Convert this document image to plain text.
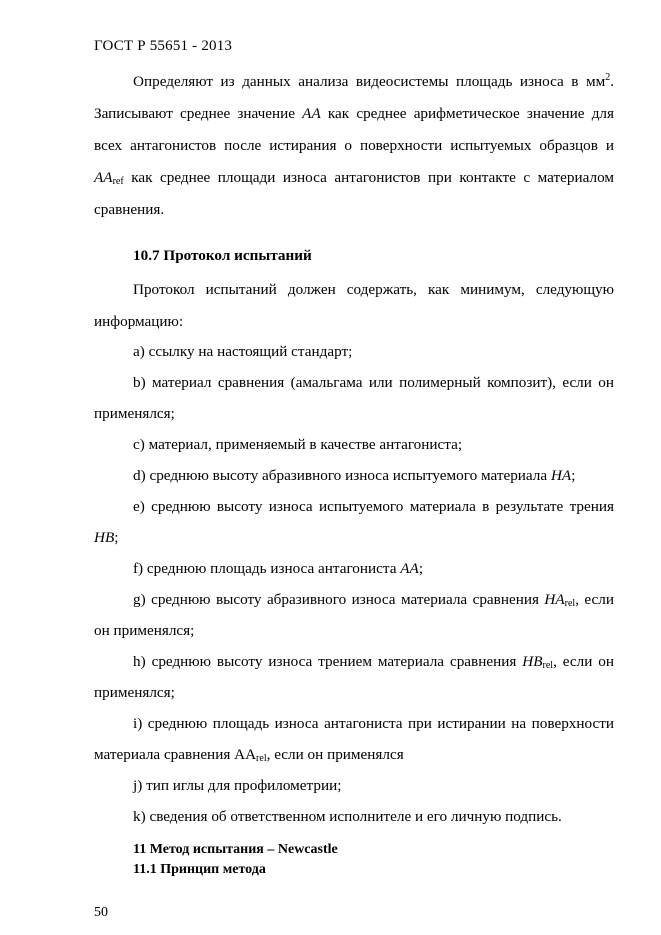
ГОСТ Р 55651 - 2013
Определяют из данных анализа видеосистемы площадь износа в $мм^2$.
Записывают среднее значение АА как среднее арифметическое значение для
всех антагонистов после истирания о поверхности испытуемых образцов и
$АА_{ref}$ как среднее площади износа антагонистов при контакте с материалом
сравнения.
10.7 Протокол испытаний
Протокол испытаний должен содержать, как минимум, следующую
информацию:
a) ссылку на настоящий стандарт;
b) материал сравнения (амальгама или полимерный композит), если он
применялся;
c) материал, применяемый в качестве антагониста;
d) среднюю высоту абразивного износа испытуемого материала НА;
e) среднюю высоту износа испытуемого материала в результате трения
НВ;
f) среднюю площадь износа антагониста АА;
g) среднюю высоту абразивного износа материала сравнения $НА_{rel}$, если
он применялся;
h) среднюю высоту износа трением материала сравнения $НВ_{rel}$, если он
применялся;
i) среднюю площадь износа антагониста при истирании на поверхности
материала сравнения $АА_{rel}$, если он применялся
j) тип иглы для профилометрии;
k) сведения об ответственном исполнителе и его личную подпись.
11 Метод испытания – Newcastle
11.1 Принцип метода
50
